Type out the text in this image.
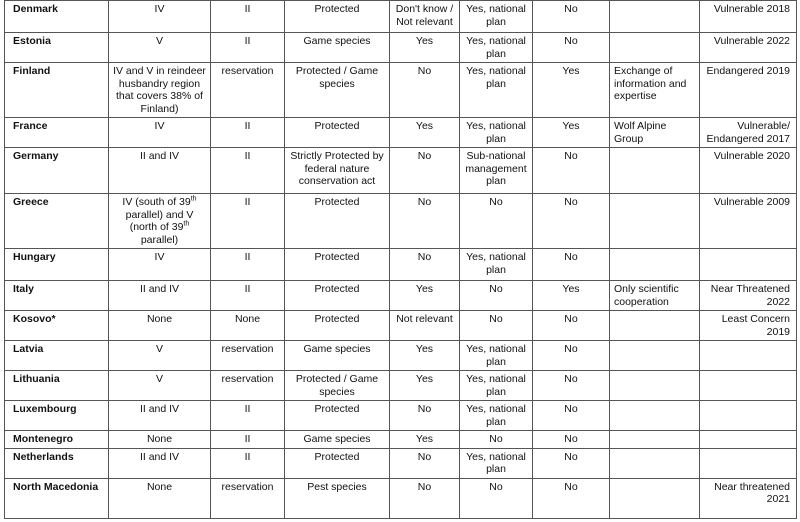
Denmark	IV	II	Protected	Don't know / Not relevant	Yes, national plan	No		Vulnerable 2018
Estonia	V	II	Game species	Yes	Yes, national plan	No		Vulnerable 2022
Finland	IV and V in reindeer husbandry region that covers 38% of Finland)	reservation	Protected / Game species	No	Yes, national plan	Yes	Exchange of information and expertise	Endangered 2019
France	IV	II	Protected	Yes	Yes, national plan	Yes	Wolf Alpine Group	Vulnerable/ Endangered 2017
Germany	II and IV	II	Strictly Protected by federal nature conservation act	No	Sub-national management plan	No		Vulnerable 2020
Greece	IV (south of 39th parallel) and V (north of 39th parallel)	II	Protected	No	No	No		Vulnerable 2009
Hungary	IV	II	Protected	No	Yes, national plan	No		
Italy	II and IV	II	Protected	Yes	No	Yes	Only scientific cooperation	Near Threatened 2022
Kosovo*	None	None	Protected	Not relevant	No	No		Least Concern 2019
Latvia	V	reservation	Game species	Yes	Yes, national plan	No		
Lithuania	V	reservation	Protected / Game species	Yes	Yes, national plan	No		
Luxembourg	II and IV	II	Protected	No	Yes, national plan	No		
Montenegro	None	II	Game species	Yes	No	No		
Netherlands	II and IV	II	Protected	No	Yes, national plan	No		
North Macedonia	None	reservation	Pest species	No	No	No		Near threatened 2021
